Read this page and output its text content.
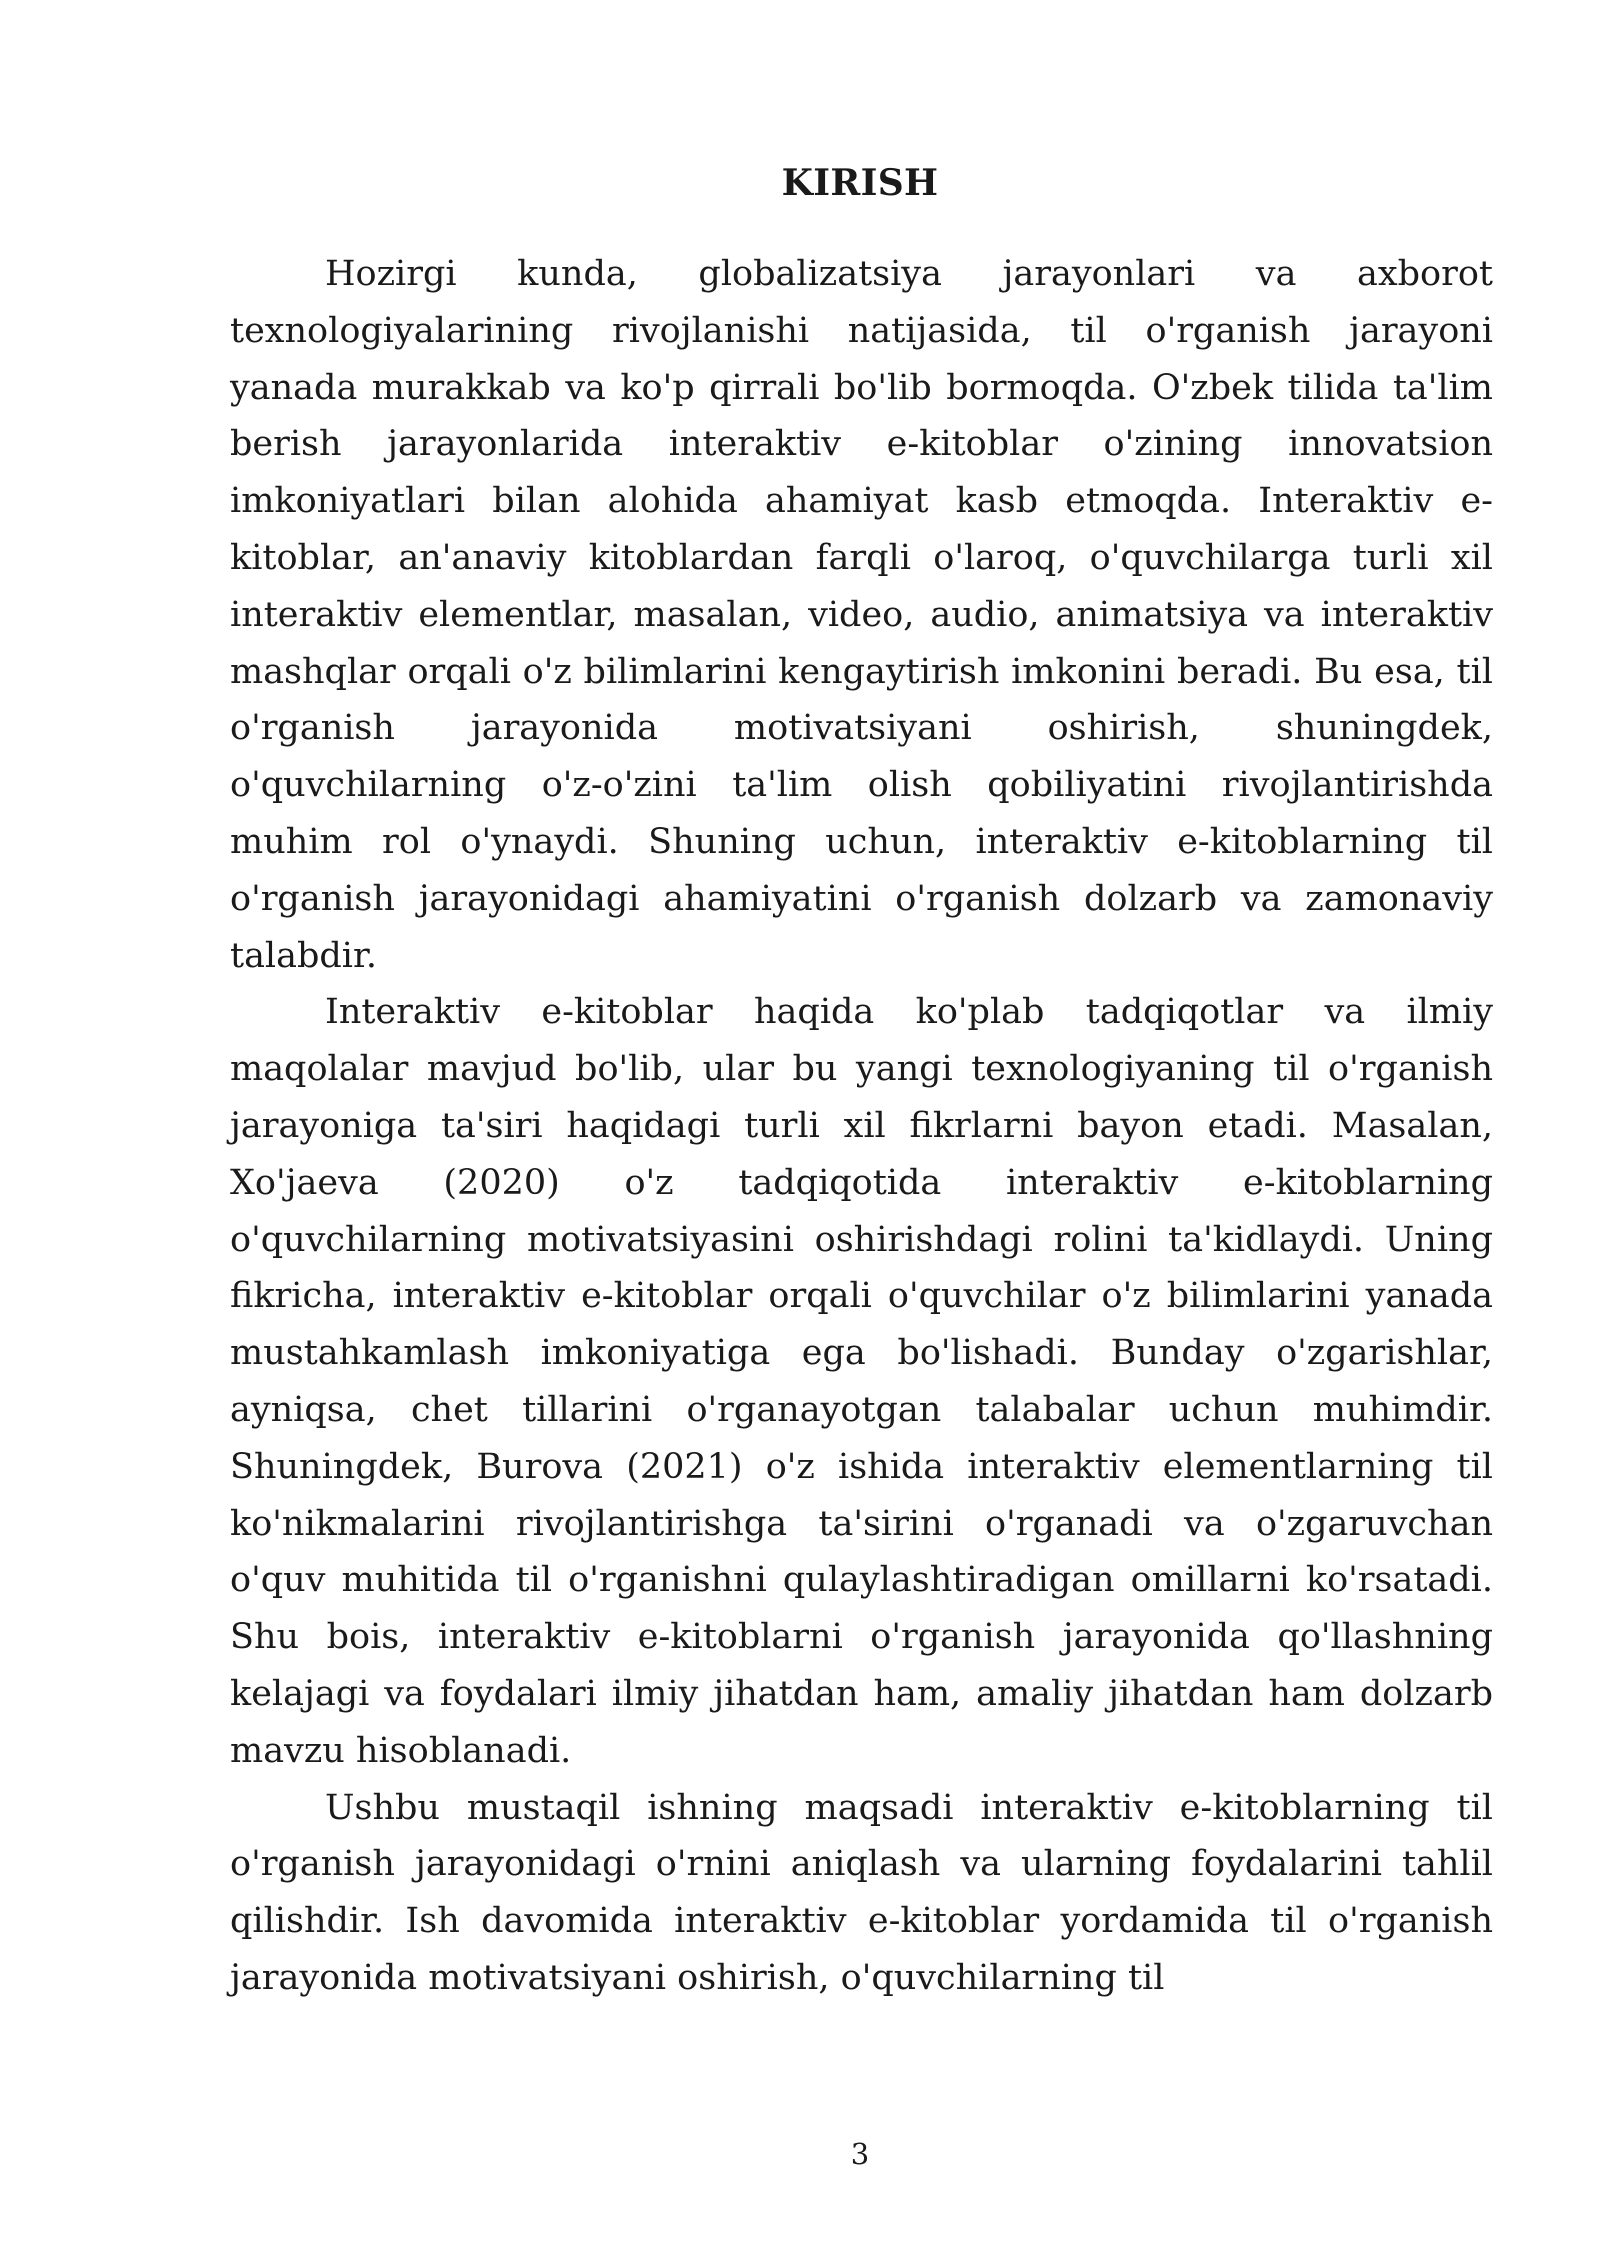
KIRISH

Hozirgi kunda, globalizatsiya jarayonlari va axborot texnologiyalarining rivojlanishi natijasida, til o'rganish jarayoni yanada murakkab va ko'p qirrali bo'lib bormoqda. O'zbek tilida ta'lim berish jarayonlarida interaktiv e-kitoblar o'zining innovatsion imkoniyatlari bilan alohida ahamiyat kasb etmoqda. Interaktiv e-kitoblar, an'anaviy kitoblardan farqli o'laroq, o'quvchilarga turli xil interaktiv elementlar, masalan, video, audio, animatsiya va interaktiv mashqlar orqali o'z bilimlarini kengaytirish imkonini beradi. Bu esa, til o'rganish jarayonida motivatsiyani oshirish, shuningdek, o'quvchilarning o'z-o'zini ta'lim olish qobiliyatini rivojlantirishda muhim rol o'ynaydi. Shuning uchun, interaktiv e-kitoblarning til o'rganish jarayonidagi ahamiyatini o'rganish dolzarb va zamonaviy talabdir.

Interaktiv e-kitoblar haqida ko'plab tadqiqotlar va ilmiy maqolalar mavjud bo'lib, ular bu yangi texnologiyaning til o'rganish jarayoniga ta'siri haqidagi turli xil fikrlarni bayon etadi. Masalan, Xo'jaeva (2020) o'z tadqiqotida interaktiv e-kitoblarning o'quvchilarning motivatsiyasini oshirishdagi rolini ta'kidlaydi. Uning fikricha, interaktiv e-kitoblar orqali o'quvchilar o'z bilimlarini yanada mustahkamlash imkoniyatiga ega bo'lishadi. Bunday o'zgarishlar, ayniqsa, chet tillarini o'rganayotgan talabalar uchun muhimdir. Shuningdek, Burova (2021) o'z ishida interaktiv elementlarning til ko'nikmalarini rivojlantirishga ta'sirini o'rganadi va o'zgaruvchan o'quv muhitida til o'rganishni qulaylashtiradigan omillarni ko'rsatadi. Shu bois, interaktiv e-kitoblarni o'rganish jarayonida qo'llashning kelajagi va foydalari ilmiy jihatdan ham, amaliy jihatdan ham dolzarb mavzu hisoblanadi.

Ushbu mustaqil ishning maqsadi interaktiv e-kitoblarning til o'rganish jarayonidagi o'rnini aniqlash va ularning foydalarini tahlil qilishdir. Ish davomida interaktiv e-kitoblar yordamida til o'rganish jarayonida motivatsiyani oshirish, o'quvchilarning til

3
